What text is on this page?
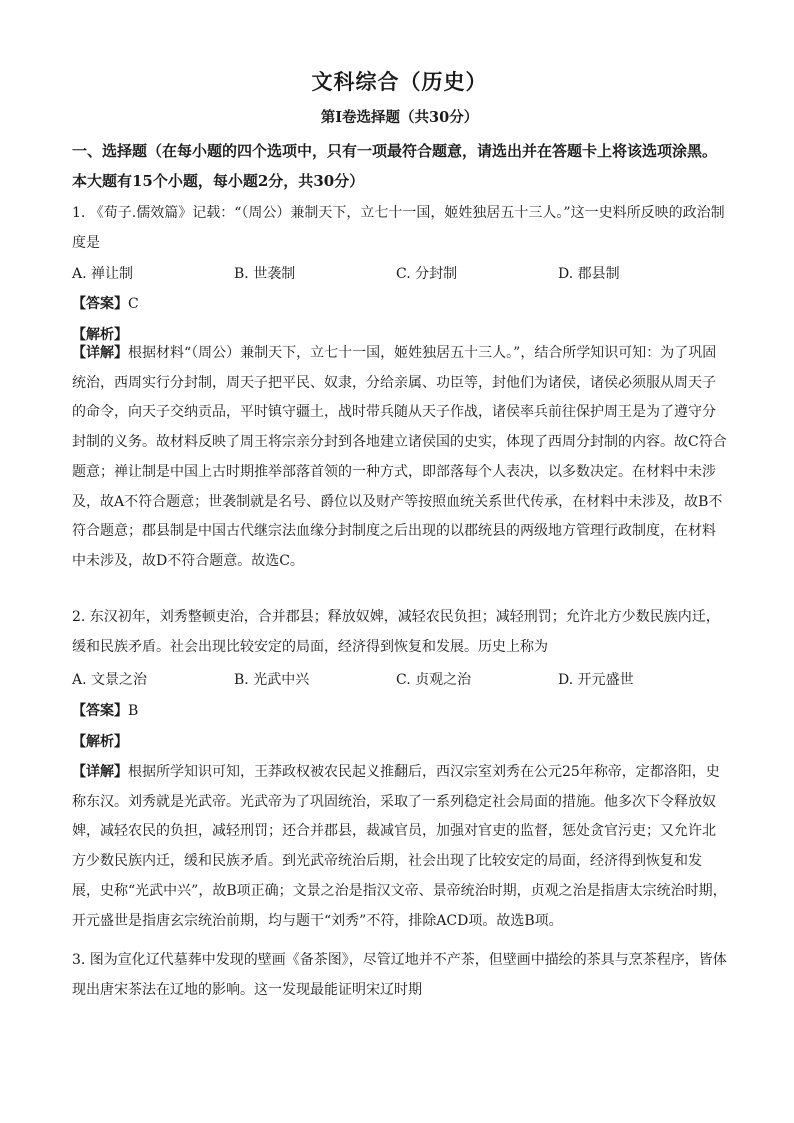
文科综合（历史）
第Ⅰ卷选择题（共30分）
一、选择题（在每小题的四个选项中，只有一项最符合题意，请选出并在答题卡上将该选项涂黑。本大题有15个小题，每小题2分，共30分）
1. 《荀子.儒效篇》记载：“（周公）兼制天下，立七十一国，姬姓独居五十三人。”这一史料所反映的政治制度是
A. 禅让制	B. 世袭制	C. 分封制	D. 郡县制
【答案】C
【解析】
【详解】根据材料“（周公）兼制天下，立七十一国，姬姓独居五十三人。”，结合所学知识可知：为了巩固统治，西周实行分封制，周天子把平民、奴隶，分给亲属、功臣等，封他们为诸侯，诸侯必须服从周天子的命令，向天子交纳贡品，平时镇守疆土，战时带兵随从天子作战，诸侯率兵前往保护周王是为了遵守分封制的义务。故材料反映了周王将宗亲分封到各地建立诸侯国的史实，体现了西周分封制的内容。故C符合题意；禅让制是中国上古时期推举部落首领的一种方式，即部落每个人表决，以多数决定。在材料中未涉及，故A不符合题意；世袭制就是名号、爵位以及财产等按照血统关系世代传承，在材料中未涉及，故B不符合题意；郡县制是中国古代继宗法血缘分封制度之后出现的以郡统县的两级地方管理行政制度，在材料中未涉及，故D不符合题意。故选C。
2. 东汉初年，刘秀整顿吏治，合并郡县；释放奴婢，减轻农民负担；减轻刑罚；允许北方少数民族内迁，缓和民族矛盾。社会出现比较安定的局面，经济得到恢复和发展。历史上称为
A. 文景之治	B. 光武中兴	C. 贞观之治	D. 开元盛世
【答案】B
【解析】
【详解】根据所学知识可知，王莽政权被农民起义推翻后，西汉宗室刘秀在公元25年称帝，定都洛阳，史称东汉。刘秀就是光武帝。光武帝为了巩固统治，采取了一系列稳定社会局面的措施。他多次下令释放奴婢，减轻农民的负担，减轻刑罚；还合并郡县，裁减官员，加强对官吏的监督，惩处贪官污吏；又允许北方少数民族内迁，缓和民族矛盾。到光武帝统治后期，社会出现了比较安定的局面，经济得到恢复和发展，史称“光武中兴”，故B项正确；文景之治是指汉文帝、景帝统治时期，贞观之治是指唐太宗统治时期，开元盛世是指唐玄宗统治前期，均与题干“刘秀”不符，排除ACD项。故选B项。
3. 图为宣化辽代墓葬中发现的壁画《备茶图》，尽管辽地并不产茶，但壁画中描绘的茶具与烹茶程序，皆体现出唐宋茶法在辽地的影响。这一发现最能证明宋辽时期
